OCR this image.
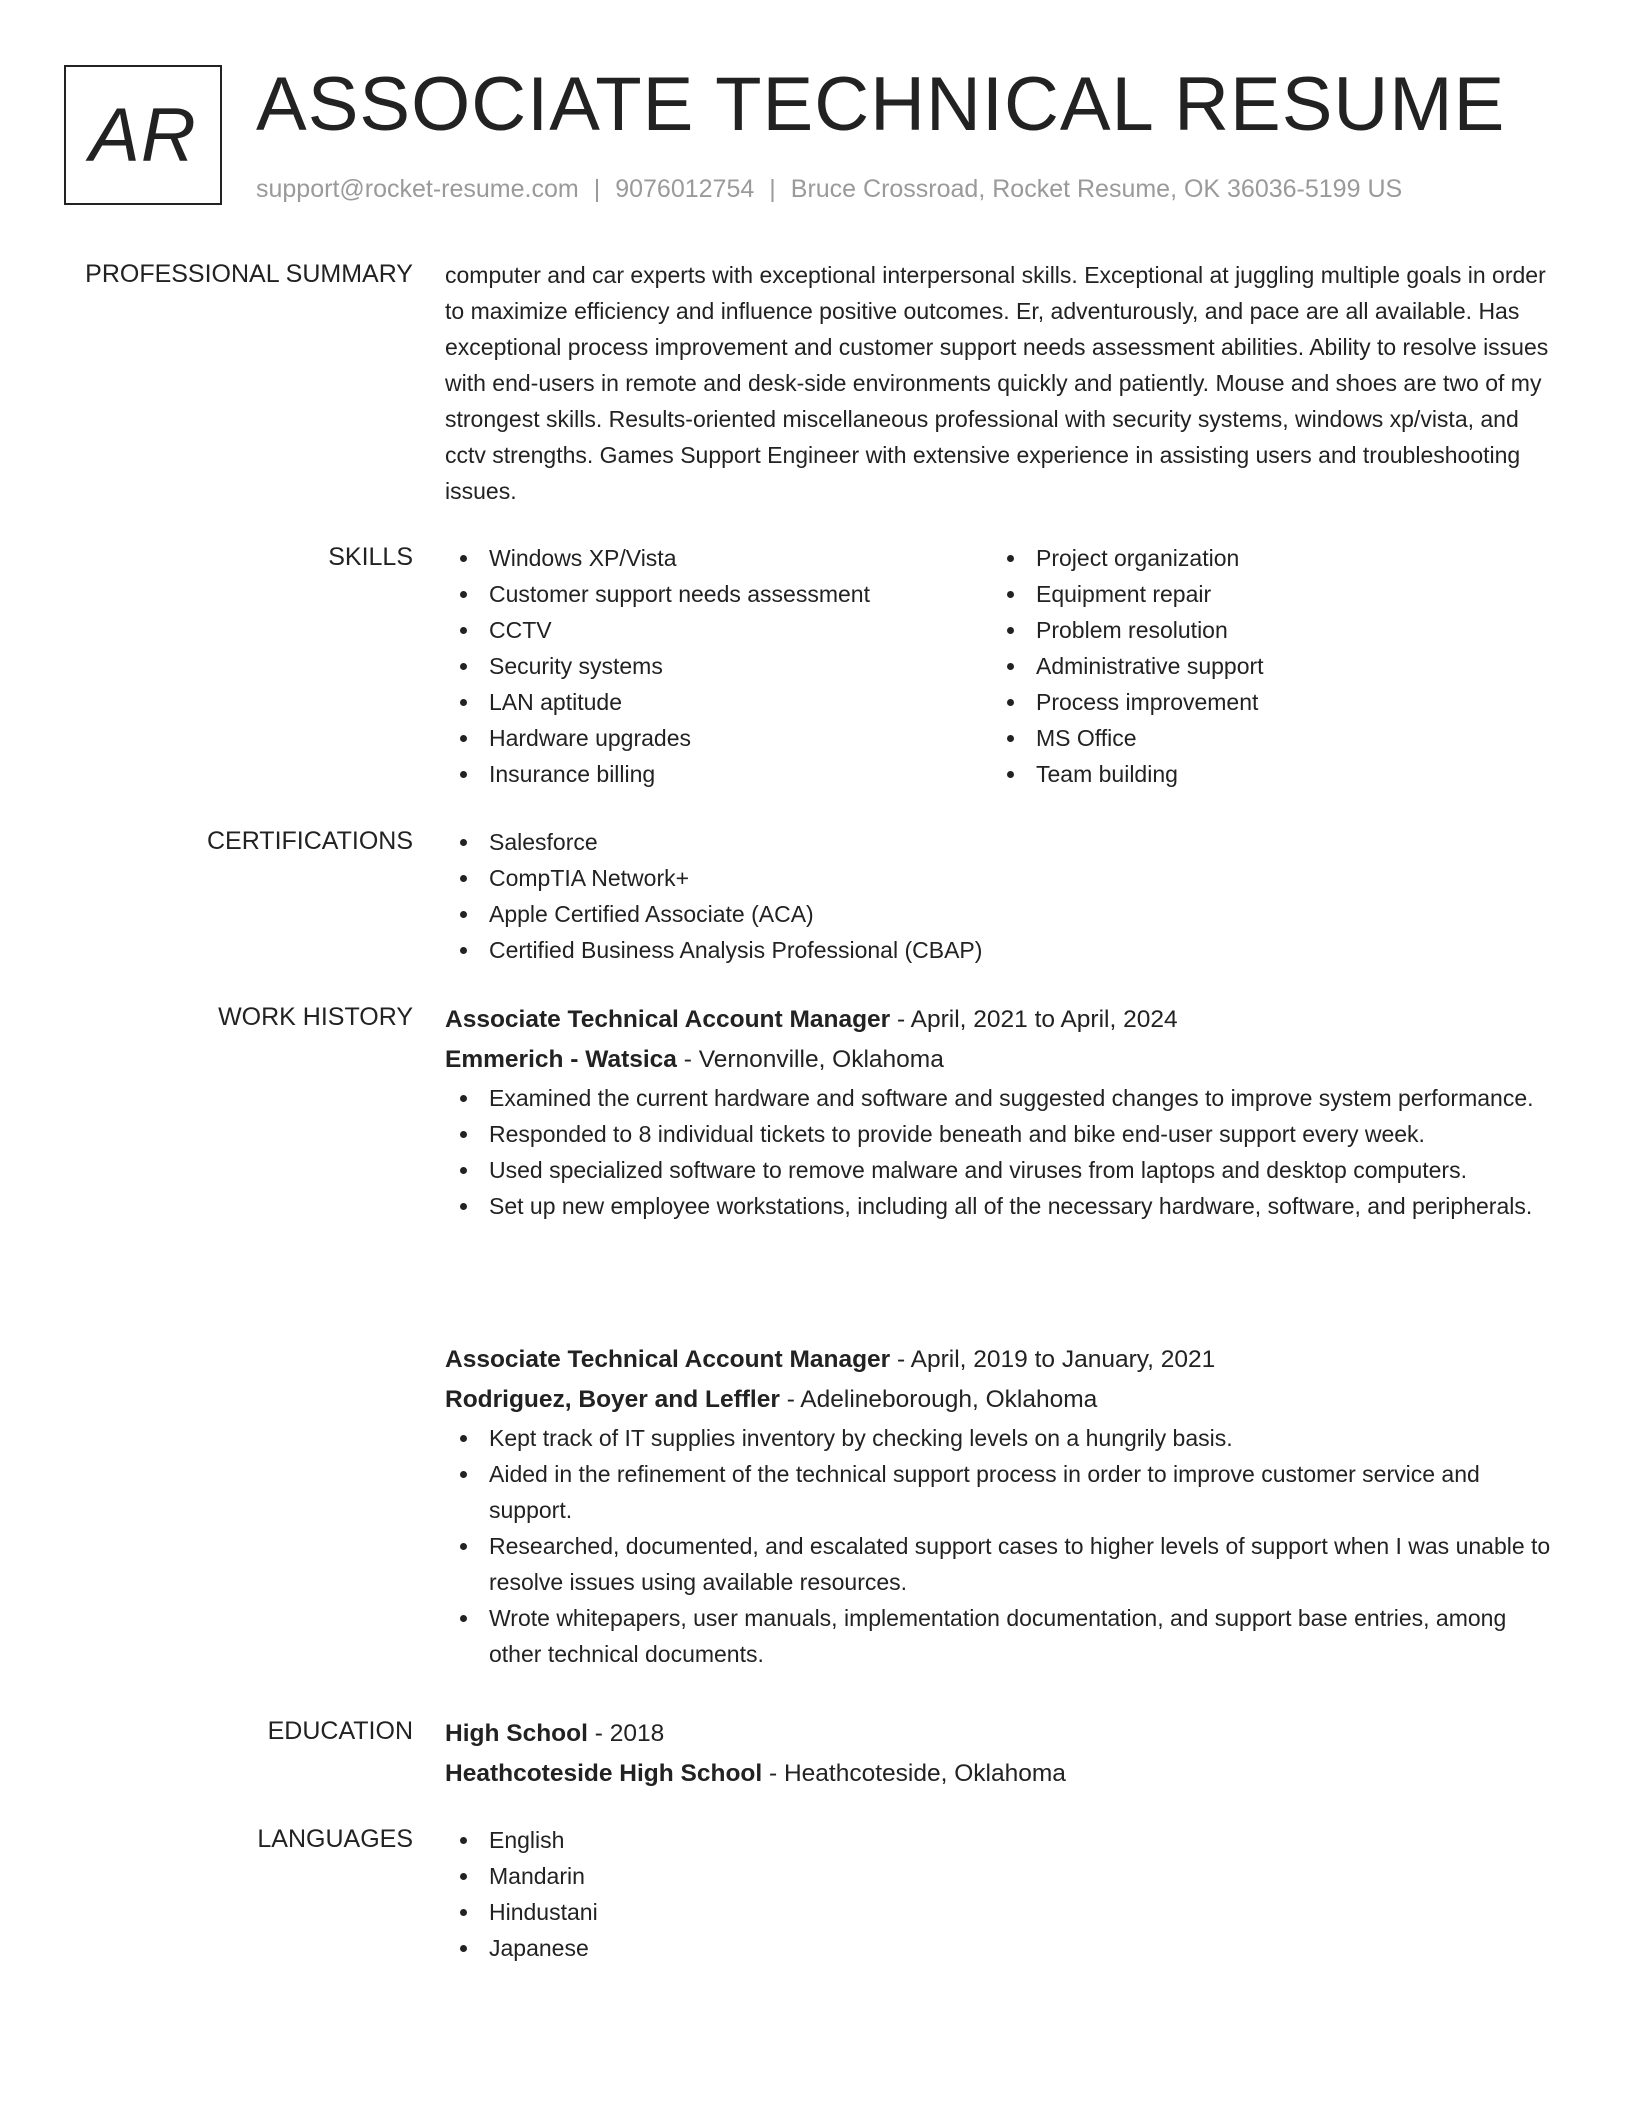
AR ASSOCIATE TECHNICAL RESUME
support@rocket-resume.com | 9076012754 | Bruce Crossroad, Rocket Resume, OK 36036-5199 US
PROFESSIONAL SUMMARY computer and car experts with exceptional interpersonal skills. Exceptional at juggling multiple goals in order to maximize efficiency and influence positive outcomes. Er, adventurously, and pace are all available. Has exceptional process improvement and customer support needs assessment abilities. Ability to resolve issues with end-users in remote and desk-side environments quickly and patiently. Mouse and shoes are two of my strongest skills. Results-oriented miscellaneous professional with security systems, windows xp/vista, and cctv strengths. Games Support Engineer with extensive experience in assisting users and troubleshooting issues.

SKILLS	Windows XP/Vista
Customer support needs assessment
CCTV
Security systems
LAN aptitude
Hardware upgrades
Insurance billing
Project organization
Equipment repair
Problem resolution
Administrative support
Process improvement
MS Office
Team building
CERTIFICATIONS	Salesforce
CompTIA Network+
Apple Certified Associate (ACA)
Certified Business Analysis Professional (CBAP)
WORK HISTORY Associate Technical Account Manager - April, 2021 to April, 2024
Emmerich - Watsica - Vernonville, Oklahoma
Examined the current hardware and software and suggested changes to improve system performance.
Responded to 8 individual tickets to provide beneath and bike end-user support every week.
Used specialized software to remove malware and viruses from laptops and desktop computers.
Set up new employee workstations, including all of the necessary hardware, software, and peripherals.
Associate Technical Account Manager - April, 2019 to January, 2021
Rodriguez, Boyer and Leffler - Adelineborough, Oklahoma
Kept track of IT supplies inventory by checking levels on a hungrily basis.
Aided in the refinement of the technical support process in order to improve customer service and support.
Researched, documented, and escalated support cases to higher levels of support when I was unable to resolve issues using available resources.
Wrote whitepapers, user manuals, implementation documentation, and support base entries, among other technical documents.
EDUCATION High School - 2018
Heathcoteside High School - Heathcoteside, Oklahoma
LANGUAGES	English
Mandarin
Hindustani
Japanese
